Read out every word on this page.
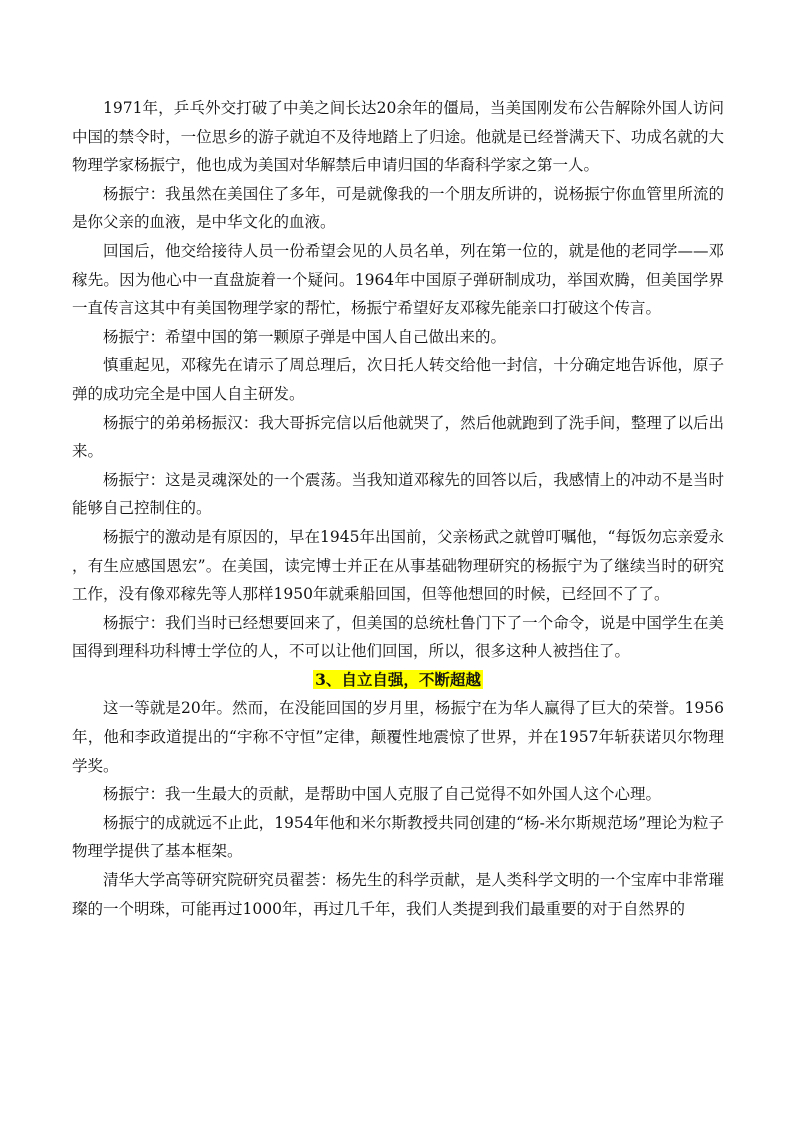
1971年，乒乓外交打破了中美之间长达20余年的僵局，当美国刚发布公告解除外国人访问中国的禁令时，一位思乡的游子就迫不及待地踏上了归途。他就是已经誉满天下、功成名就的大物理学家杨振宁，他也成为美国对华解禁后申请归国的华裔科学家之第一人。

杨振宁：我虽然在美国住了多年，可是就像我的一个朋友所讲的，说杨振宁你血管里所流的是你父亲的血液，是中华文化的血液。

回国后，他交给接待人员一份希望会见的人员名单，列在第一位的，就是他的老同学——邓稼先。因为他心中一直盘旋着一个疑问。1964年中国原子弹研制成功，举国欢腾，但美国学界一直传言这其中有美国物理学家的帮忙，杨振宁希望好友邓稼先能亲口打破这个传言。

杨振宁：希望中国的第一颗原子弹是中国人自己做出来的。

慎重起见，邓稼先在请示了周总理后，次日托人转交给他一封信，十分确定地告诉他，原子弹的成功完全是中国人自主研发。

杨振宁的弟弟杨振汉：我大哥拆完信以后他就哭了，然后他就跑到了洗手间，整理了以后出来。

杨振宁：这是灵魂深处的一个震荡。当我知道邓稼先的回答以后，我感情上的冲动不是当时能够自己控制住的。

杨振宁的激动是有原因的，早在1945年出国前，父亲杨武之就曾叮嘱他，“每饭勿忘亲爱永 ，有生应感国恩宏”。在美国，读完博士并正在从事基础物理研究的杨振宁为了继续当时的研究工作，没有像邓稼先等人那样1950年就乘船回国，但等他想回的时候，已经回不了了。

杨振宁：我们当时已经想要回来了，但美国的总统杜鲁门下了一个命令，说是中国学生在美国得到理科功科博士学位的人，不可以让他们回国，所以，很多这种人被挡住了。

3、自立自强，不断超越

这一等就是20年。然而，在没能回国的岁月里，杨振宁在为华人赢得了巨大的荣誉。1956年，他和李政道提出的“宇称不守恒”定律，颠覆性地震惊了世界，并在1957年斩获诺贝尔物理学奖。

杨振宁：我一生最大的贡献，是帮助中国人克服了自己觉得不如外国人这个心理。

杨振宁的成就远不止此，1954年他和米尔斯教授共同创建的“杨-米尔斯规范场”理论为粒子物理学提供了基本框架。

清华大学高等研究院研究员翟荟：杨先生的科学贡献，是人类科学文明的一个宝库中非常璀璨的一个明珠，可能再过1000年，再过几千年，我们人类提到我们最重要的对于自然界的
